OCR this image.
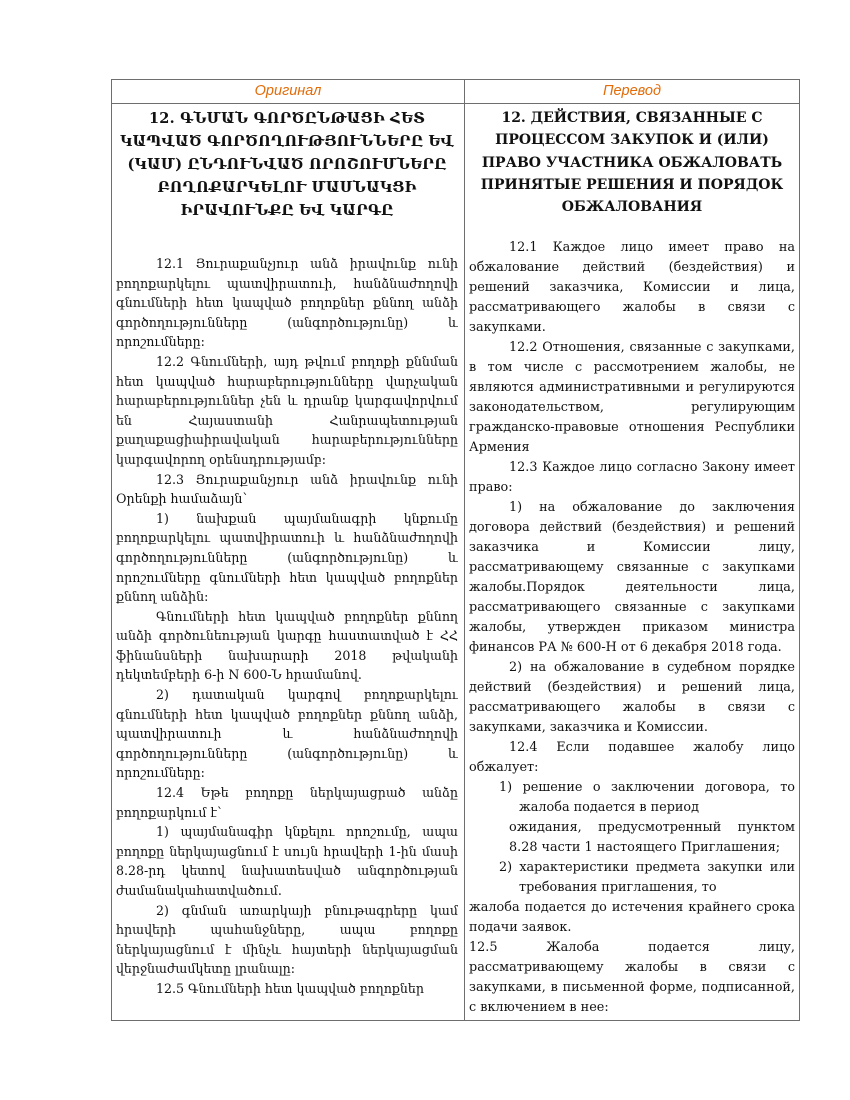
Оригинал	Перевод

12. ԳՆՄԱՆ ԳՈՐԾԸՆԹԱՑԻ ՀԵՏ ԿԱՊՎԱԾ ԳՈՐԾՈՂՈՒԹՅՈՒՆՆԵՐԸ ԵՎ (ԿԱՄ) ԸՆԴՈՒՆՎԱԾ ՈՐՈՇՈՒՄՆԵՐԸ ԲՈՂՈՔԱՐԿԵԼՈՒ ՄԱՍՆԱԿՑԻ ԻՐԱՎՈՒՆՔԸ ԵՎ ԿԱՐԳԸ

12.1 Յուրաքանչյուր անձ իրավունք ունի բողոքարկելու պատվիրատուի, հանձնաժողովի գնումների հետ կապված բողոքներ քննող անձի գործողությունները (անգործությունը) և որոշումները:

12.2 Գնումների, այդ թվում բողոքի քննման հետ կապված հարաբերությունները վարչական հարաբերություններ չեն և դրանք կարգավորվում են Հայաստանի Հանրապետության քաղաքացիաիրավական հարաբերությունները կարգավորող օրենսդրությամբ:

12.3 Յուրաքանչյուր անձ իրավունք ունի Օրենքի համաձայն՝

1) նախքան պայմանագրի կնքումը բողոքարկելու պատվիրատուի և հանձնաժողովի գործողությունները (անգործությունը) և որոշումները գնումների հետ կապված բողոքներ քննող անձին:

Գնումների հետ կապված բողոքներ քննող անձի գործունեության կարգը հաստատված է ՀՀ ֆինանսների նախարարի 2018 թվականի դեկտեմբերի 6-ի N 600-Ն հրամանով.

2) դատական կարգով բողոքարկելու գնումների հետ կապված բողոքներ քննող անձի, պատվիրատուի և հանձնաժողովի գործողությունները (անգործությունը) և որոշումները:

12.4 Եթե բողոքը ներկայացրած անձը բողոքարկում է՝

1) պայմանագիր կնքելու որոշումը, ապա բողոքը ներկայացնում է սույն հրավերի 1-ին մասի 8.28-րդ կետով նախատեսված անգործության ժամանակահատվածում.

2) գնման առարկայի բնութագրերը կամ հրավերի պահանջները, ապա բողոքը ներկայացնում է մինչև հայտերի ներկայացման վերջնաժամկետը լրանալը:

12.5 Գնումների հետ կապված բողոքներ

12. ДЕЙСТВИЯ, СВЯЗАННЫЕ С ПРОЦЕССОМ ЗАКУПОК И (ИЛИ) ПРАВО УЧАСТНИКА ОБЖАЛОВАТЬ ПРИНЯТЫЕ РЕШЕНИЯ И ПОРЯДОК ОБЖАЛОВАНИЯ

12.1 Каждое лицо имеет право на обжалование действий (бездействия) и решений заказчика, Комиссии и лица, рассматривающего жалобы в связи с закупками.

12.2 Отношения, связанные с закупками, в том числе с рассмотрением жалобы, не являются административными и регулируются законодательством, регулирующим гражданско-правовые отношения Республики Армения

12.3 Каждое лицо согласно Закону имеет право:

1) на обжалование до заключения договора действий (бездействия) и решений заказчика и Комиссии лицу, рассматривающему связанные с закупками жалобы.Порядок деятельности лица, рассматривающего связанные с закупками жалобы, утвержден приказом министра финансов РА № 600-Н от 6 декабря 2018 года.

2) на обжалование в судебном порядке действий (бездействия) и решений лица, рассматривающего жалобы в связи с закупками, заказчика и Комиссии.

12.4 Если подавшее жалобу лицо обжалует:

1) решение о заключении договора, то жалоба подается в период

ожидания, предусмотренный пунктом 8.28 части 1 настоящего Приглашения;

2) характеристики предмета закупки или требования приглашения, то

жалоба подается до истечения крайнего срока подачи заявок.

12.5 Жалоба подается лицу, рассматривающему жалобы в связи с закупками, в письменной форме, подписанной, с включением в нее:
